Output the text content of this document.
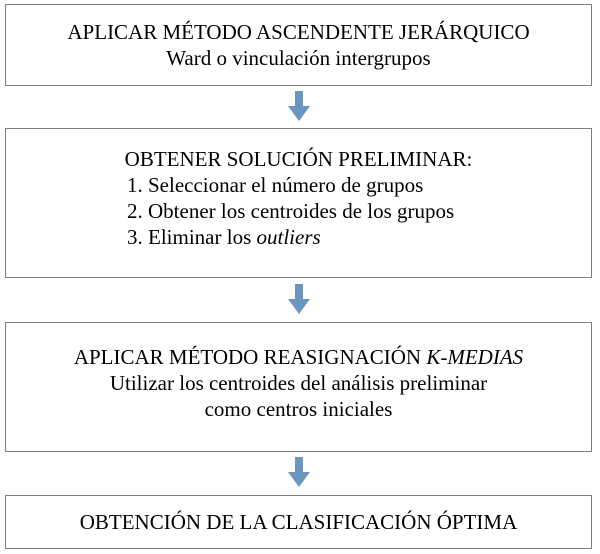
APLICAR MÉTODO ASCENDENTE JERÁRQUICO
Ward o vinculación intergrupos
OBTENER SOLUCIÓN PRELIMINAR:
1. Seleccionar el número de grupos
2. Obtener los centroides de los grupos
3. Eliminar los outliers
APLICAR MÉTODO REASIGNACIÓN K-MEDIAS
Utilizar los centroides del análisis preliminar
como centros iniciales
OBTENCIÓN DE LA CLASIFICACIÓN ÓPTIMA
